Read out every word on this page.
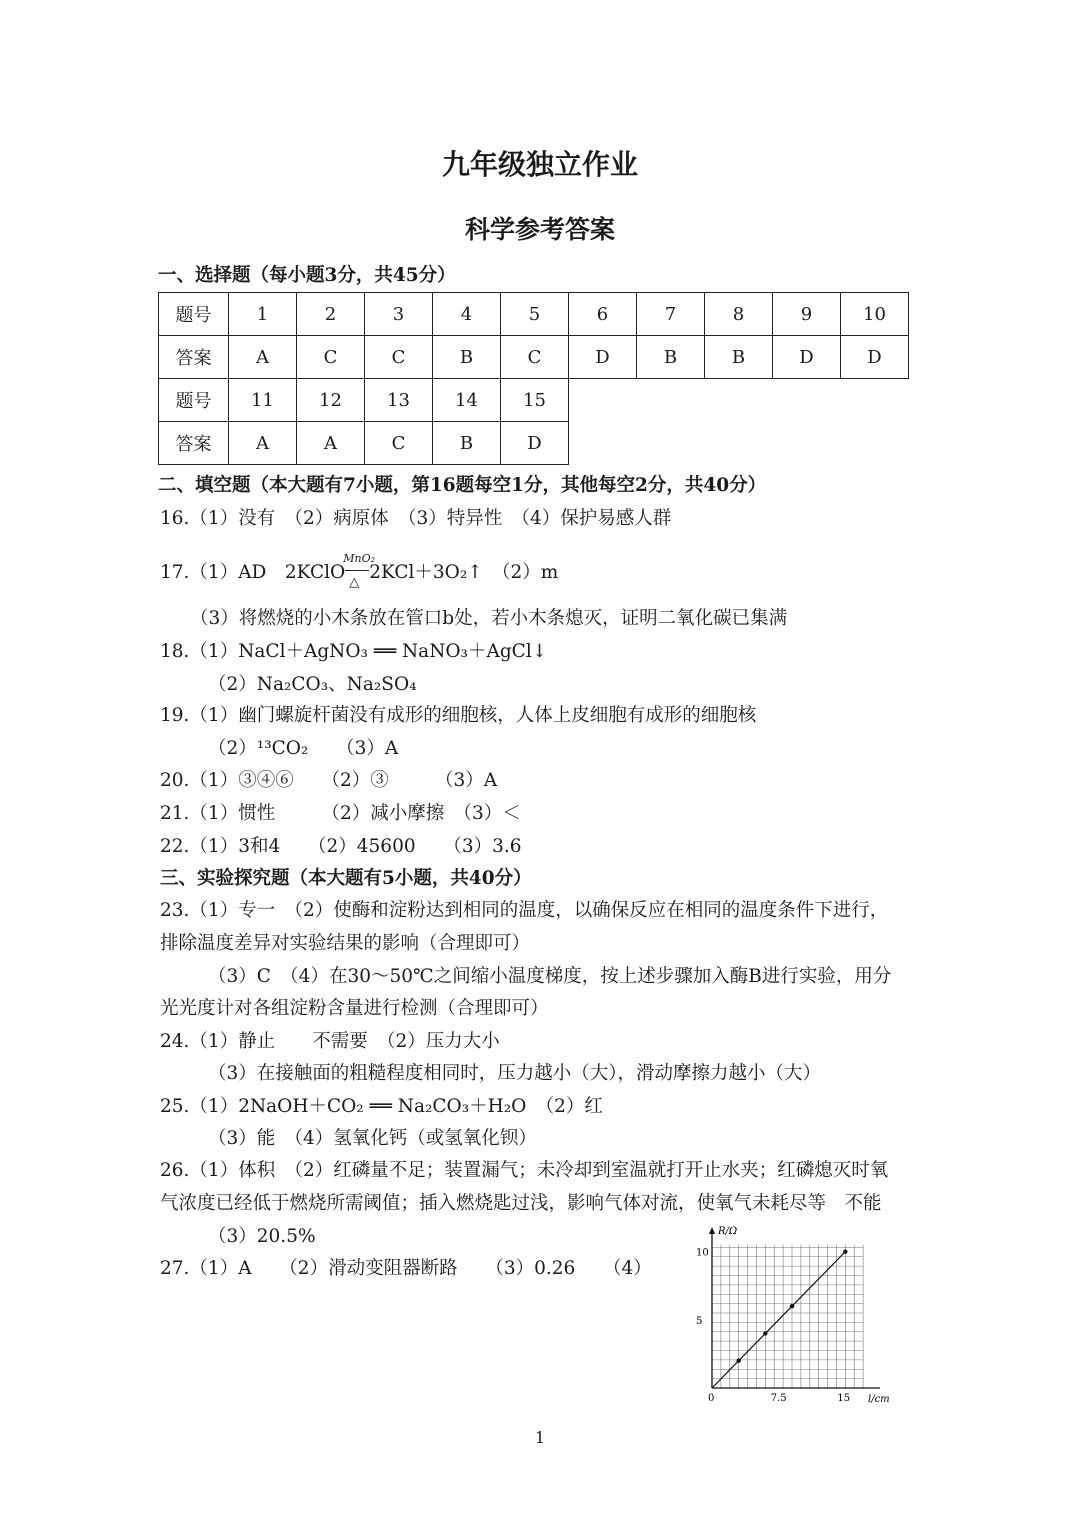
九年级独立作业
科学参考答案
一、选择题（每小题3分，共45分）
题号	1	2	3	4	5	6	7	8	9	10
答案	A	C	C	B	C	D	B	B	D	D
题号	11	12	13	14	15					
答案	A	A	C	B	D					
二、填空题（本大题有7小题，第16题每空1分，其他每空2分，共40分）
16.（1）没有　（2）病原体　（3）特异性　（4）保护易感人群
17.（1）AD　2KClO $\frac{\text{MnO₂}}{\triangle}$ 2KCl＋3O₂↑　（2）m
（3）将燃烧的小木条放在管口b处，若小木条熄灭，证明二氧化碳已集满
18.（1）NaCl＋AgNO₃ ══ NaNO₃＋AgCl↓
（2）Na₂CO₃、Na₂SO₄
19.（1）幽门螺旋杆菌没有成形的细胞核，人体上皮细胞有成形的细胞核
（2）¹³CO₂　　（3）A
20.（1）③④⑥　　（2）③　　　（3）A
21.（1）惯性　　　（2）减小摩擦　（3）＜
22.（1）3和4　　（2）45600　　（3）3.6
三、实验探究题（本大题有5小题，共40分）
23.（1）专一　（2）使酶和淀粉达到相同的温度，以确保反应在相同的温度条件下进行，
排除温度差异对实验结果的影响（合理即可）
（3）C　（4）在30～50℃之间缩小温度梯度，按上述步骤加入酶B进行实验，用分
光光度计对各组淀粉含量进行检测（合理即可）
24.（1）静止　　不需要　（2）压力大小
（3）在接触面的粗糙程度相同时，压力越小（大），滑动摩擦力越小（大）
25.（1）2NaOH＋CO₂ ══ Na₂CO₃＋H₂O　（2）红
（3）能　（4）氢氧化钙（或氢氧化钡）
26.（1）体积　（2）红磷量不足；装置漏气；未冷却到室温就打开止水夹；红磷熄灭时氧
气浓度已经低于燃烧所需阈值；插入燃烧匙过浅，影响气体对流，使氧气未耗尽等　不能
（3）20.5%
27.（1）A　　（2）滑动变阻器断路　　（3）0.26　　（4）
R/Ω
l/cm
0	7.5	15
5
10
1
